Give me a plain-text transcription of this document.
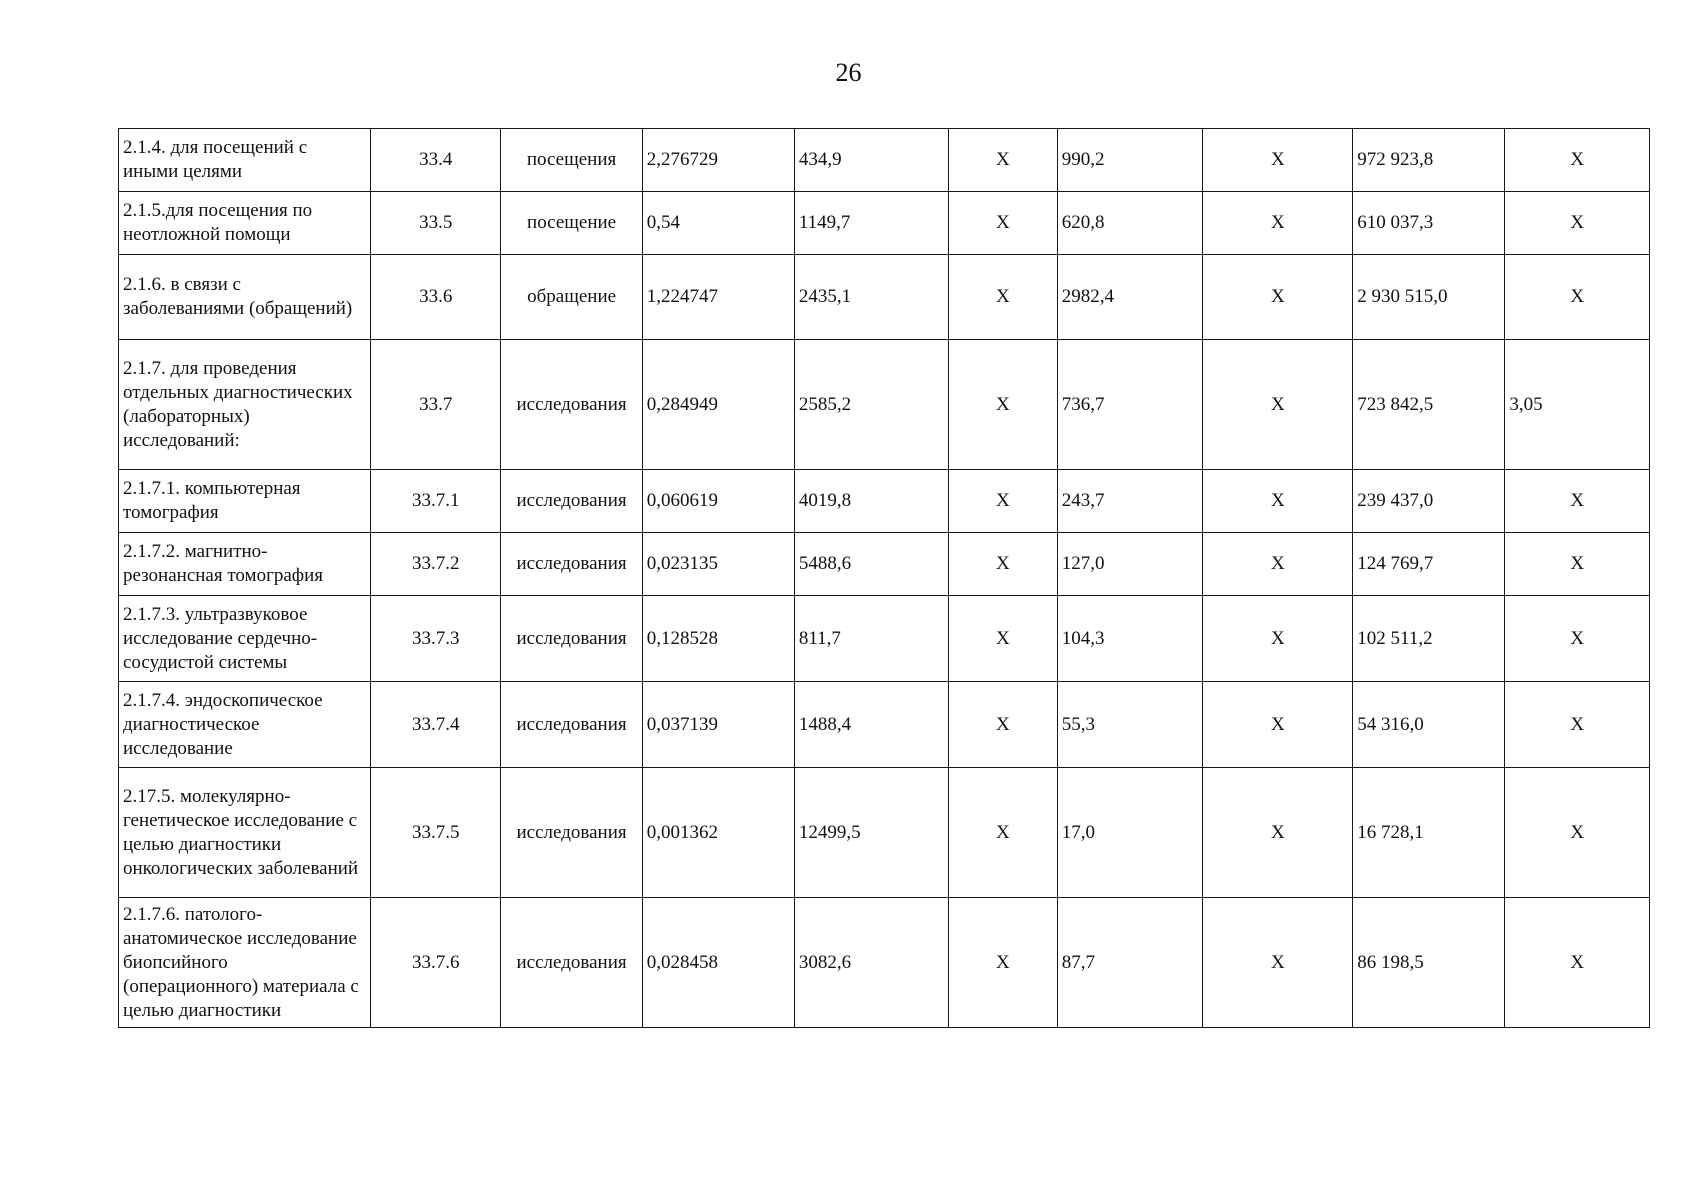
26
2.1.4. для посещений с иными целями	33.4	посещения	2,276729	434,9	Х	990,2	Х	972 923,8	Х
2.1.5.для посещения по неотложной помощи	33.5	посещение	0,54	1149,7	Х	620,8	Х	610 037,3	Х
2.1.6. в связи с заболеваниями (обращений)	33.6	обращение	1,224747	2435,1	Х	2982,4	Х	2 930 515,0	Х
2.1.7. для проведения отдельных диагностических (лабораторных) исследований:	33.7	исследования	0,284949	2585,2	Х	736,7	Х	723 842,5	3,05
2.1.7.1. компьютерная томография	33.7.1	исследования	0,060619	4019,8	Х	243,7	Х	239 437,0	Х
2.1.7.2. магнитно-резонансная томография	33.7.2	исследования	0,023135	5488,6	Х	127,0	Х	124 769,7	Х
2.1.7.3. ультразвуковое исследование сердечно-сосудистой системы	33.7.3	исследования	0,128528	811,7	Х	104,3	Х	102 511,2	Х
2.1.7.4. эндоскопическое диагностическое исследование	33.7.4	исследования	0,037139	1488,4	Х	55,3	Х	54 316,0	Х
2.17.5. молекулярно-генетическое исследование с целью диагностики онкологических заболеваний	33.7.5	исследования	0,001362	12499,5	Х	17,0	Х	16 728,1	Х
2.1.7.6. патолого-анатомическое исследование биопсийного (операционного) материала с целью диагностики	33.7.6	исследования	0,028458	3082,6	Х	87,7	Х	86 198,5	Х
